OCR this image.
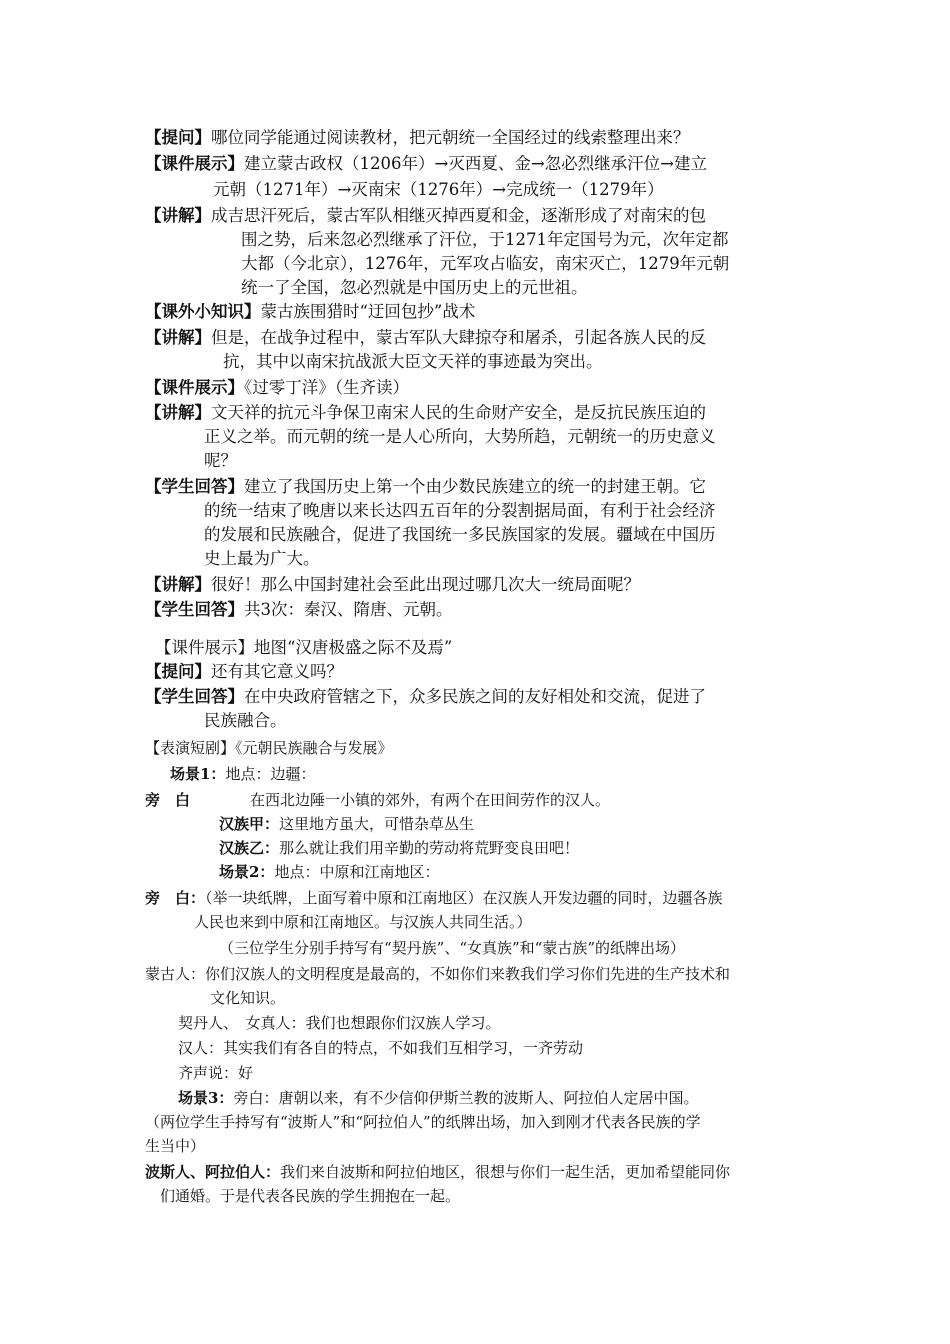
【提问】哪位同学能通过阅读教材，把元朝统一全国经过的线索整理出来？
【课件展示】建立蒙古政权（1206年）→灭西夏、金→忽必烈继承汗位→建立
元朝（1271年）→灭南宋（1276年）→完成统一（1279年）
【讲解】成吉思汗死后，蒙古军队相继灭掉西夏和金，逐渐形成了对南宋的包
围之势，后来忽必烈继承了汗位，于1271年定国号为元，次年定都
大都（今北京），1276年，元军攻占临安，南宋灭亡，1279年元朝
统一了全国，忽必烈就是中国历史上的元世祖。
【课外小知识】蒙古族围猎时“迂回包抄”战术
【讲解】但是，在战争过程中，蒙古军队大肆掠夺和屠杀，引起各族人民的反
抗，其中以南宋抗战派大臣文天祥的事迹最为突出。
【课件展示】《过零丁洋》（生齐读）
【讲解】文天祥的抗元斗争保卫南宋人民的生命财产安全，是反抗民族压迫的
正义之举。而元朝的统一是人心所向，大势所趋，元朝统一的历史意义
呢？
【学生回答】建立了我国历史上第一个由少数民族建立的统一的封建王朝。它
的统一结束了晚唐以来长达四五百年的分裂割据局面，有利于社会经济
的发展和民族融合，促进了我国统一多民族国家的发展。疆域在中国历
史上最为广大。
【讲解】很好！那么中国封建社会至此出现过哪几次大一统局面呢？
【学生回答】共3次：秦汉、隋唐、元朝。
【课件展示】地图“汉唐极盛之际不及焉”
【提问】还有其它意义吗？
【学生回答】在中央政府管辖之下，众多民族之间的友好相处和交流，促进了
民族融合。
【表演短剧】《元朝民族融合与发展》
场景1：地点：边疆：
旁　白	在西北边陲一小镇的郊外，有两个在田间劳作的汉人。
汉族甲：这里地方虽大，可惜杂草丛生
汉族乙：那么就让我们用辛勤的劳动将荒野变良田吧！
场景2：地点：中原和江南地区：
旁　白：（举一块纸牌，上面写着中原和江南地区）在汉族人开发边疆的同时，边疆各族
人民也来到中原和江南地区。与汉族人共同生活。）
（三位学生分别手持写有“契丹族”、“女真族”和“蒙古族”的纸牌出场）
蒙古人：你们汉族人的文明程度是最高的，不如你们来教我们学习你们先进的生产技术和
文化知识。
契丹人、　女真人：我们也想跟你们汉族人学习。
汉人：其实我们有各自的特点，不如我们互相学习，一齐劳动
齐声说：好
场景3：旁白：唐朝以来，有不少信仰伊斯兰教的波斯人、阿拉伯人定居中国。
（两位学生手持写有“波斯人”和“阿拉伯人”的纸牌出场，加入到刚才代表各民族的学
生当中）
波斯人、阿拉伯人：我们来自波斯和阿拉伯地区，很想与你们一起生活，更加希望能同你
们通婚。于是代表各民族的学生拥抱在一起。
